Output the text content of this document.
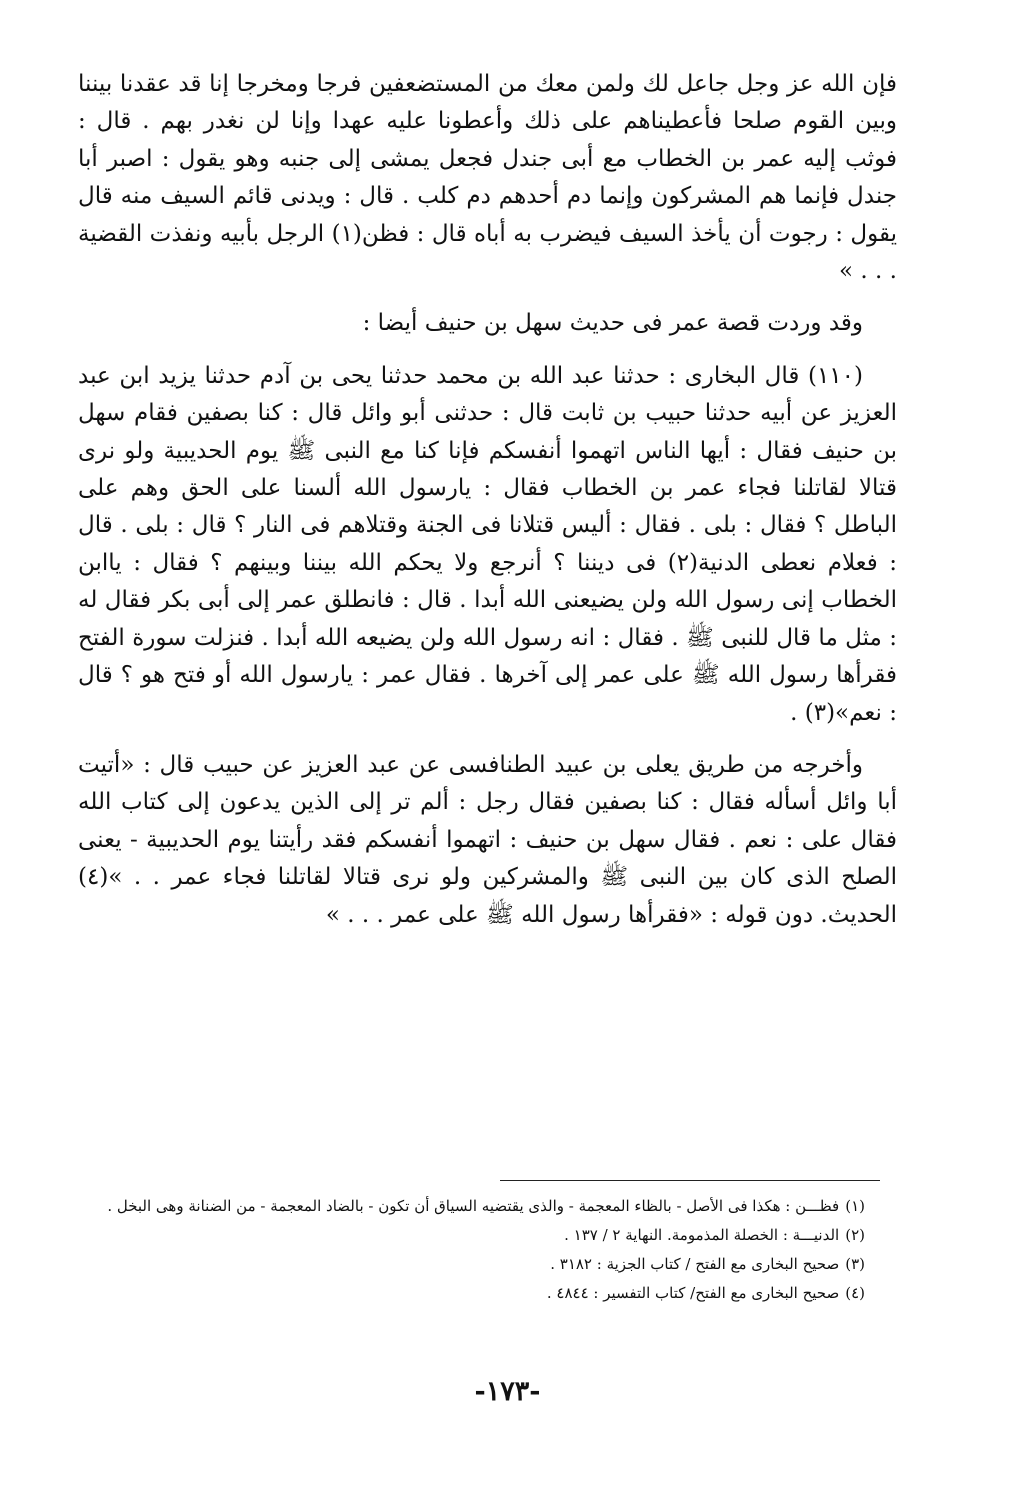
فإن الله عز وجل جاعل لك ولمن معك من المستضعفين فرجا ومخرجا إنا قد عقدنا بيننا وبين القوم صلحا فأعطيناهم على ذلك وأعطونا عليه عهدا وإنا لن نغدر بهم . قال : فوثب إليه عمر بن الخطاب مع أبى جندل فجعل يمشى إلى جنبه وهو يقول : اصبر أبا جندل فإنما هم المشركون وإنما دم أحدهم دم كلب . قال : ويدنى قائم السيف منه قال يقول : رجوت أن يأخذ السيف فيضرب به أباه قال : فظن(١) الرجل بأبيه ونفذت القضية . . . »

وقد وردت قصة عمر فى حديث سهل بن حنيف أيضا :

(١١٠) قال البخارى : حدثنا عبد الله بن محمد حدثنا يحى بن آدم حدثنا يزيد ابن عبد العزيز عن أبيه حدثنا حبيب بن ثابت قال : حدثنى أبو وائل قال : كنا بصفين فقام سهل بن حنيف فقال : أيها الناس اتهموا أنفسكم فإنا كنا مع النبى ﷺ يوم الحديبية ولو نرى قتالا لقاتلنا فجاء عمر بن الخطاب فقال : يارسول الله ألسنا على الحق وهم على الباطل ؟ فقال : بلى . فقال : أليس قتلانا فى الجنة وقتلاهم فى النار ؟ قال : بلى . قال : فعلام نعطى الدنية(٢) فى ديننا ؟ أنرجع ولا يحكم الله بيننا وبينهم ؟ فقال : ياابن الخطاب إنى رسول الله ولن يضيعنى الله أبدا . قال : فانطلق عمر إلى أبى بكر فقال له : مثل ما قال للنبى ﷺ . فقال : انه رسول الله ولن يضيعه الله أبدا . فنزلت سورة الفتح فقرأها رسول الله ﷺ على عمر إلى آخرها . فقال عمر : يارسول الله أو فتح هو ؟ قال : نعم»(٣) .

وأخرجه من طريق يعلى بن عبيد الطنافسى عن عبد العزيز عن حبيب قال : «أتيت أبا وائل أسأله فقال : كنا بصفين فقال رجل : ألم تر إلى الذين يدعون إلى كتاب الله فقال على : نعم . فقال سهل بن حنيف : اتهموا أنفسكم فقد رأيتنا يوم الحديبية - يعنى الصلح الذى كان بين النبى ﷺ والمشركين ولو نرى قتالا لقاتلنا فجاء عمر . . »(٤) الحديث. دون قوله : «فقرأها رسول الله ﷺ على عمر . . . »

(١)فظـــن : هكذا فى الأصل - بالظاء المعجمة - والذى يقتضيه السياق أن تكون - بالضاد المعجمة - من الضنانة وهى البخل .

(٢)الدنيـــة : الخصلة المذمومة. النهاية ٢ / ١٣٧ .

(٣)صحيح البخارى مع الفتح / كتاب الجزية : ٣١٨٢ .

(٤)صحيح البخارى مع الفتح/ كتاب التفسير : ٤٨٤٤ .

-١٧٣-
